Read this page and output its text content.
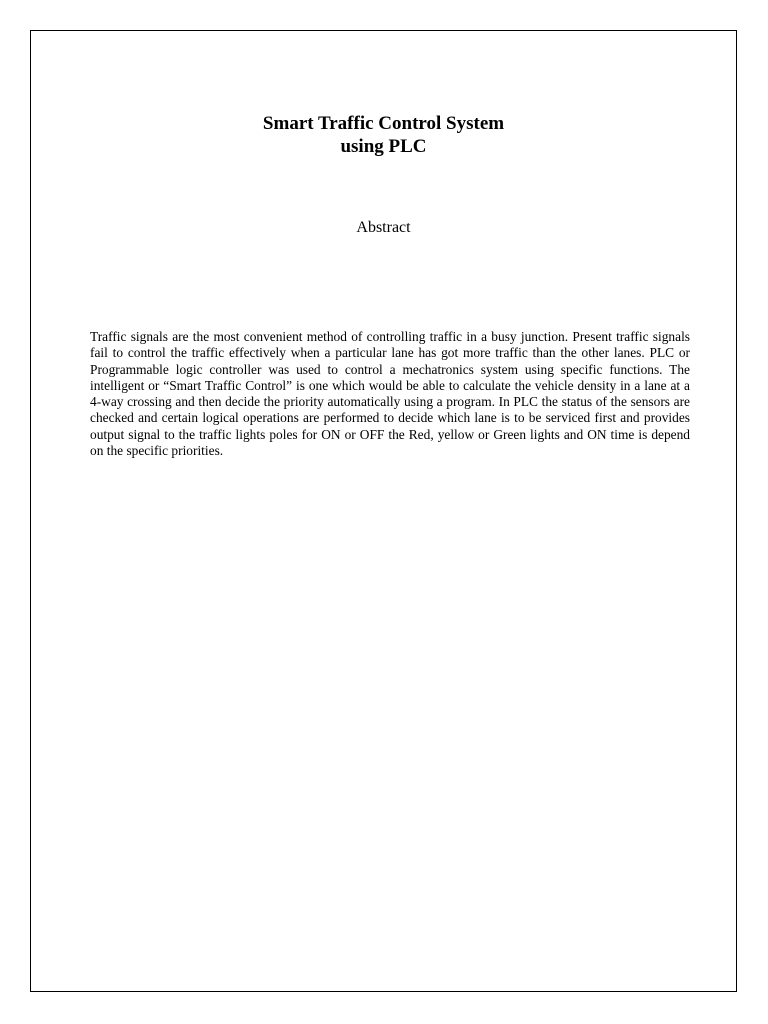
Smart Traffic Control System
using PLC
Abstract

Traffic signals are the most convenient method of controlling traffic in a busy junction. Present traffic signals fail to control the traffic effectively when a particular lane has got more traffic than the other lanes. PLC or Programmable logic controller was used to control a mechatronics system using specific functions. The intelligent or “Smart Traffic Control” is one which would be able to calculate the vehicle density in a lane at a 4-way crossing and then decide the priority automatically using a program. In PLC the status of the sensors are checked and certain logical operations are performed to decide which lane is to be serviced first and provides output signal to the traffic lights poles for ON or OFF the Red, yellow or Green lights and ON time is depend on the specific priorities.
